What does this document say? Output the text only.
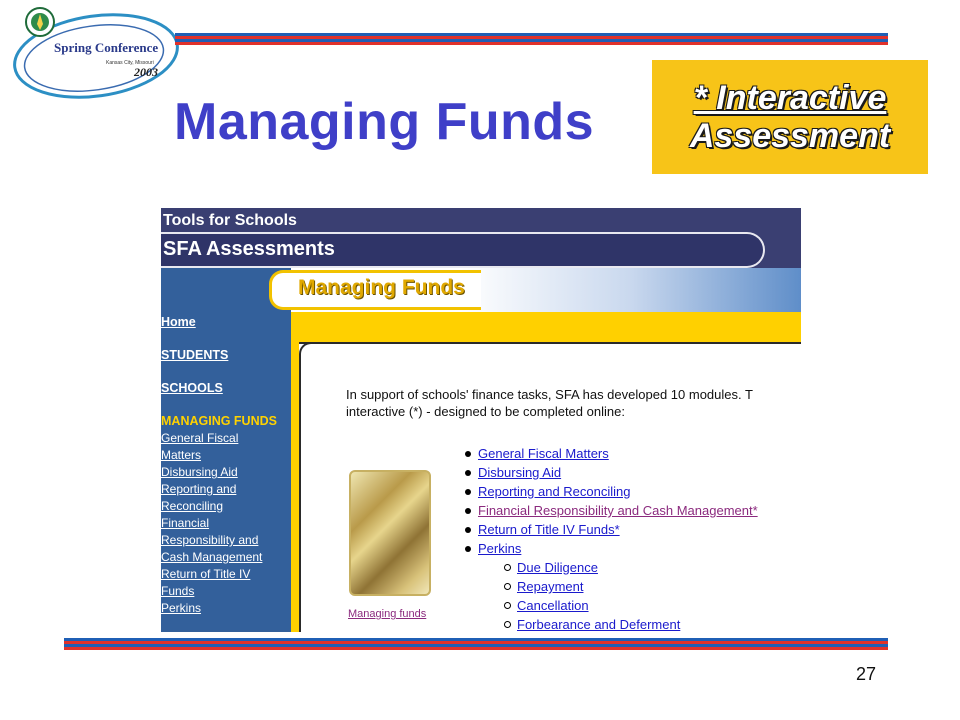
Spring Conference
Kansas City, Missouri
2003
Managing Funds	* Interactive
Assessment
Tools for Schools
SFA Assessments
Managing Funds
Home
STUDENTS
SCHOOLS
MANAGING FUNDS
General Fiscal
Matters
Disbursing Aid
Reporting and
Reconciling
Financial
Responsibility and
Cash Management
Return of Title IV
Funds
Perkins
In support of schools' finance tasks, SFA has developed 10 modules. T
interactive (*) - designed to be completed online:
Managing funds
General Fiscal Matters
Disbursing Aid
Reporting and Reconciling
Financial Responsibility and Cash Management*
Return of Title IV Funds*
Perkins
Due Diligence
Repayment
Cancellation
Forbearance and Deferment
27
